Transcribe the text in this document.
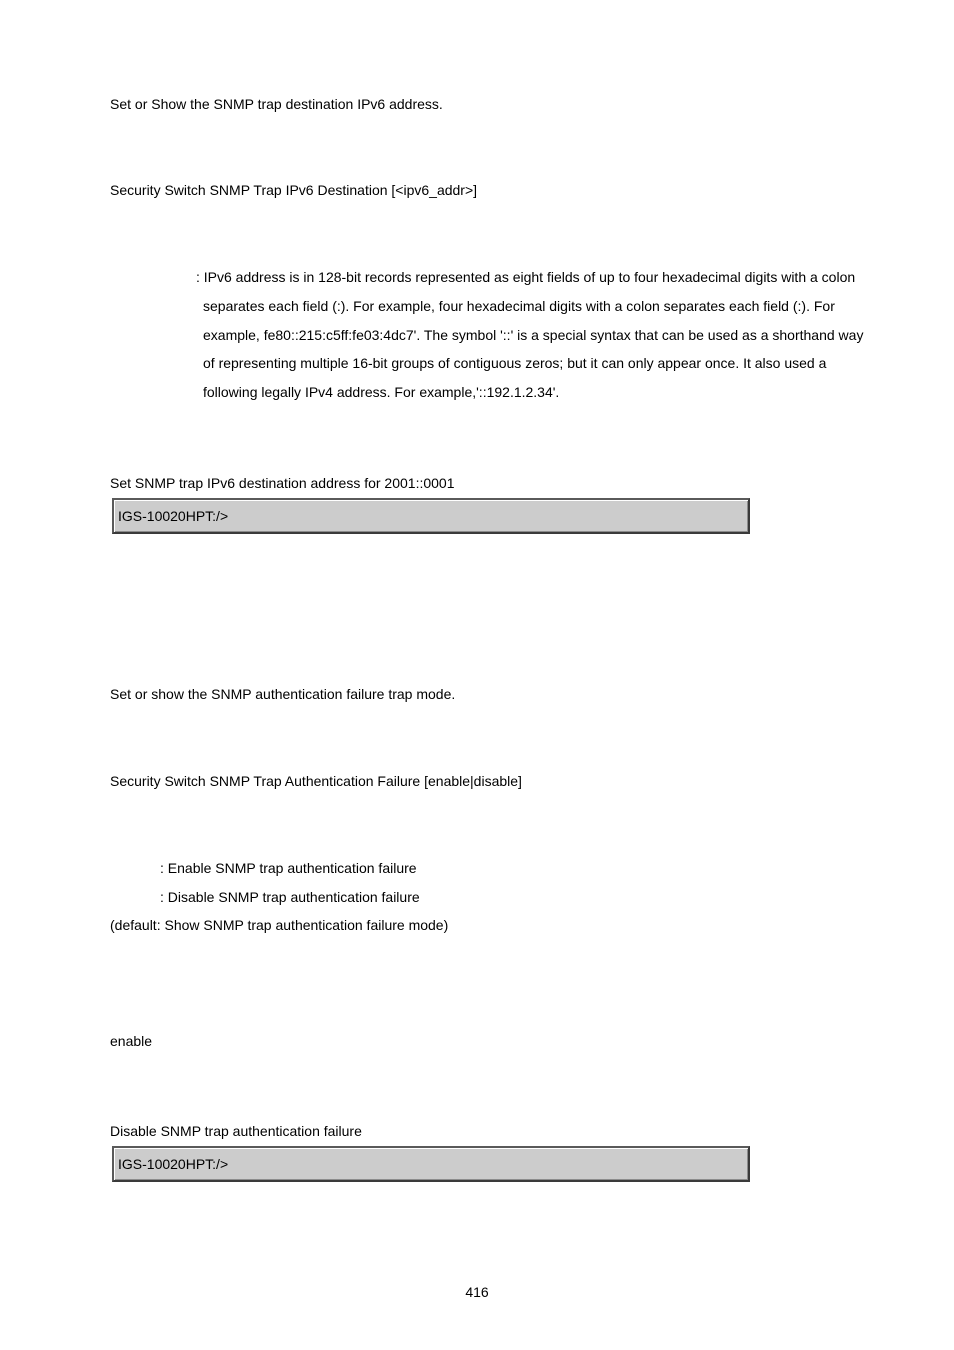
Set or Show the SNMP trap destination IPv6 address.
Security Switch SNMP Trap IPv6 Destination [<ipv6_addr>]
: IPv6 address is in 128-bit records represented as eight fields of up to four hexadecimal digits with a colon
separates each field (:). For example, four hexadecimal digits with a colon separates each field (:). For
example, fe80::215:c5ff:fe03:4dc7'. The symbol '::' is a special syntax that can be used as a shorthand way
of representing multiple 16-bit groups of contiguous zeros; but it can only appear once. It also used a
following legally IPv4 address. For example,'::192.1.2.34'.
Set SNMP trap IPv6 destination address for 2001::0001
IGS-10020HPT:/>
Set or show the SNMP authentication failure trap mode.
Security Switch SNMP Trap Authentication Failure [enable|disable]
: Enable SNMP trap authentication failure
: Disable SNMP trap authentication failure
(default: Show SNMP trap authentication failure mode)
enable
Disable SNMP trap authentication failure
IGS-10020HPT:/>
416
